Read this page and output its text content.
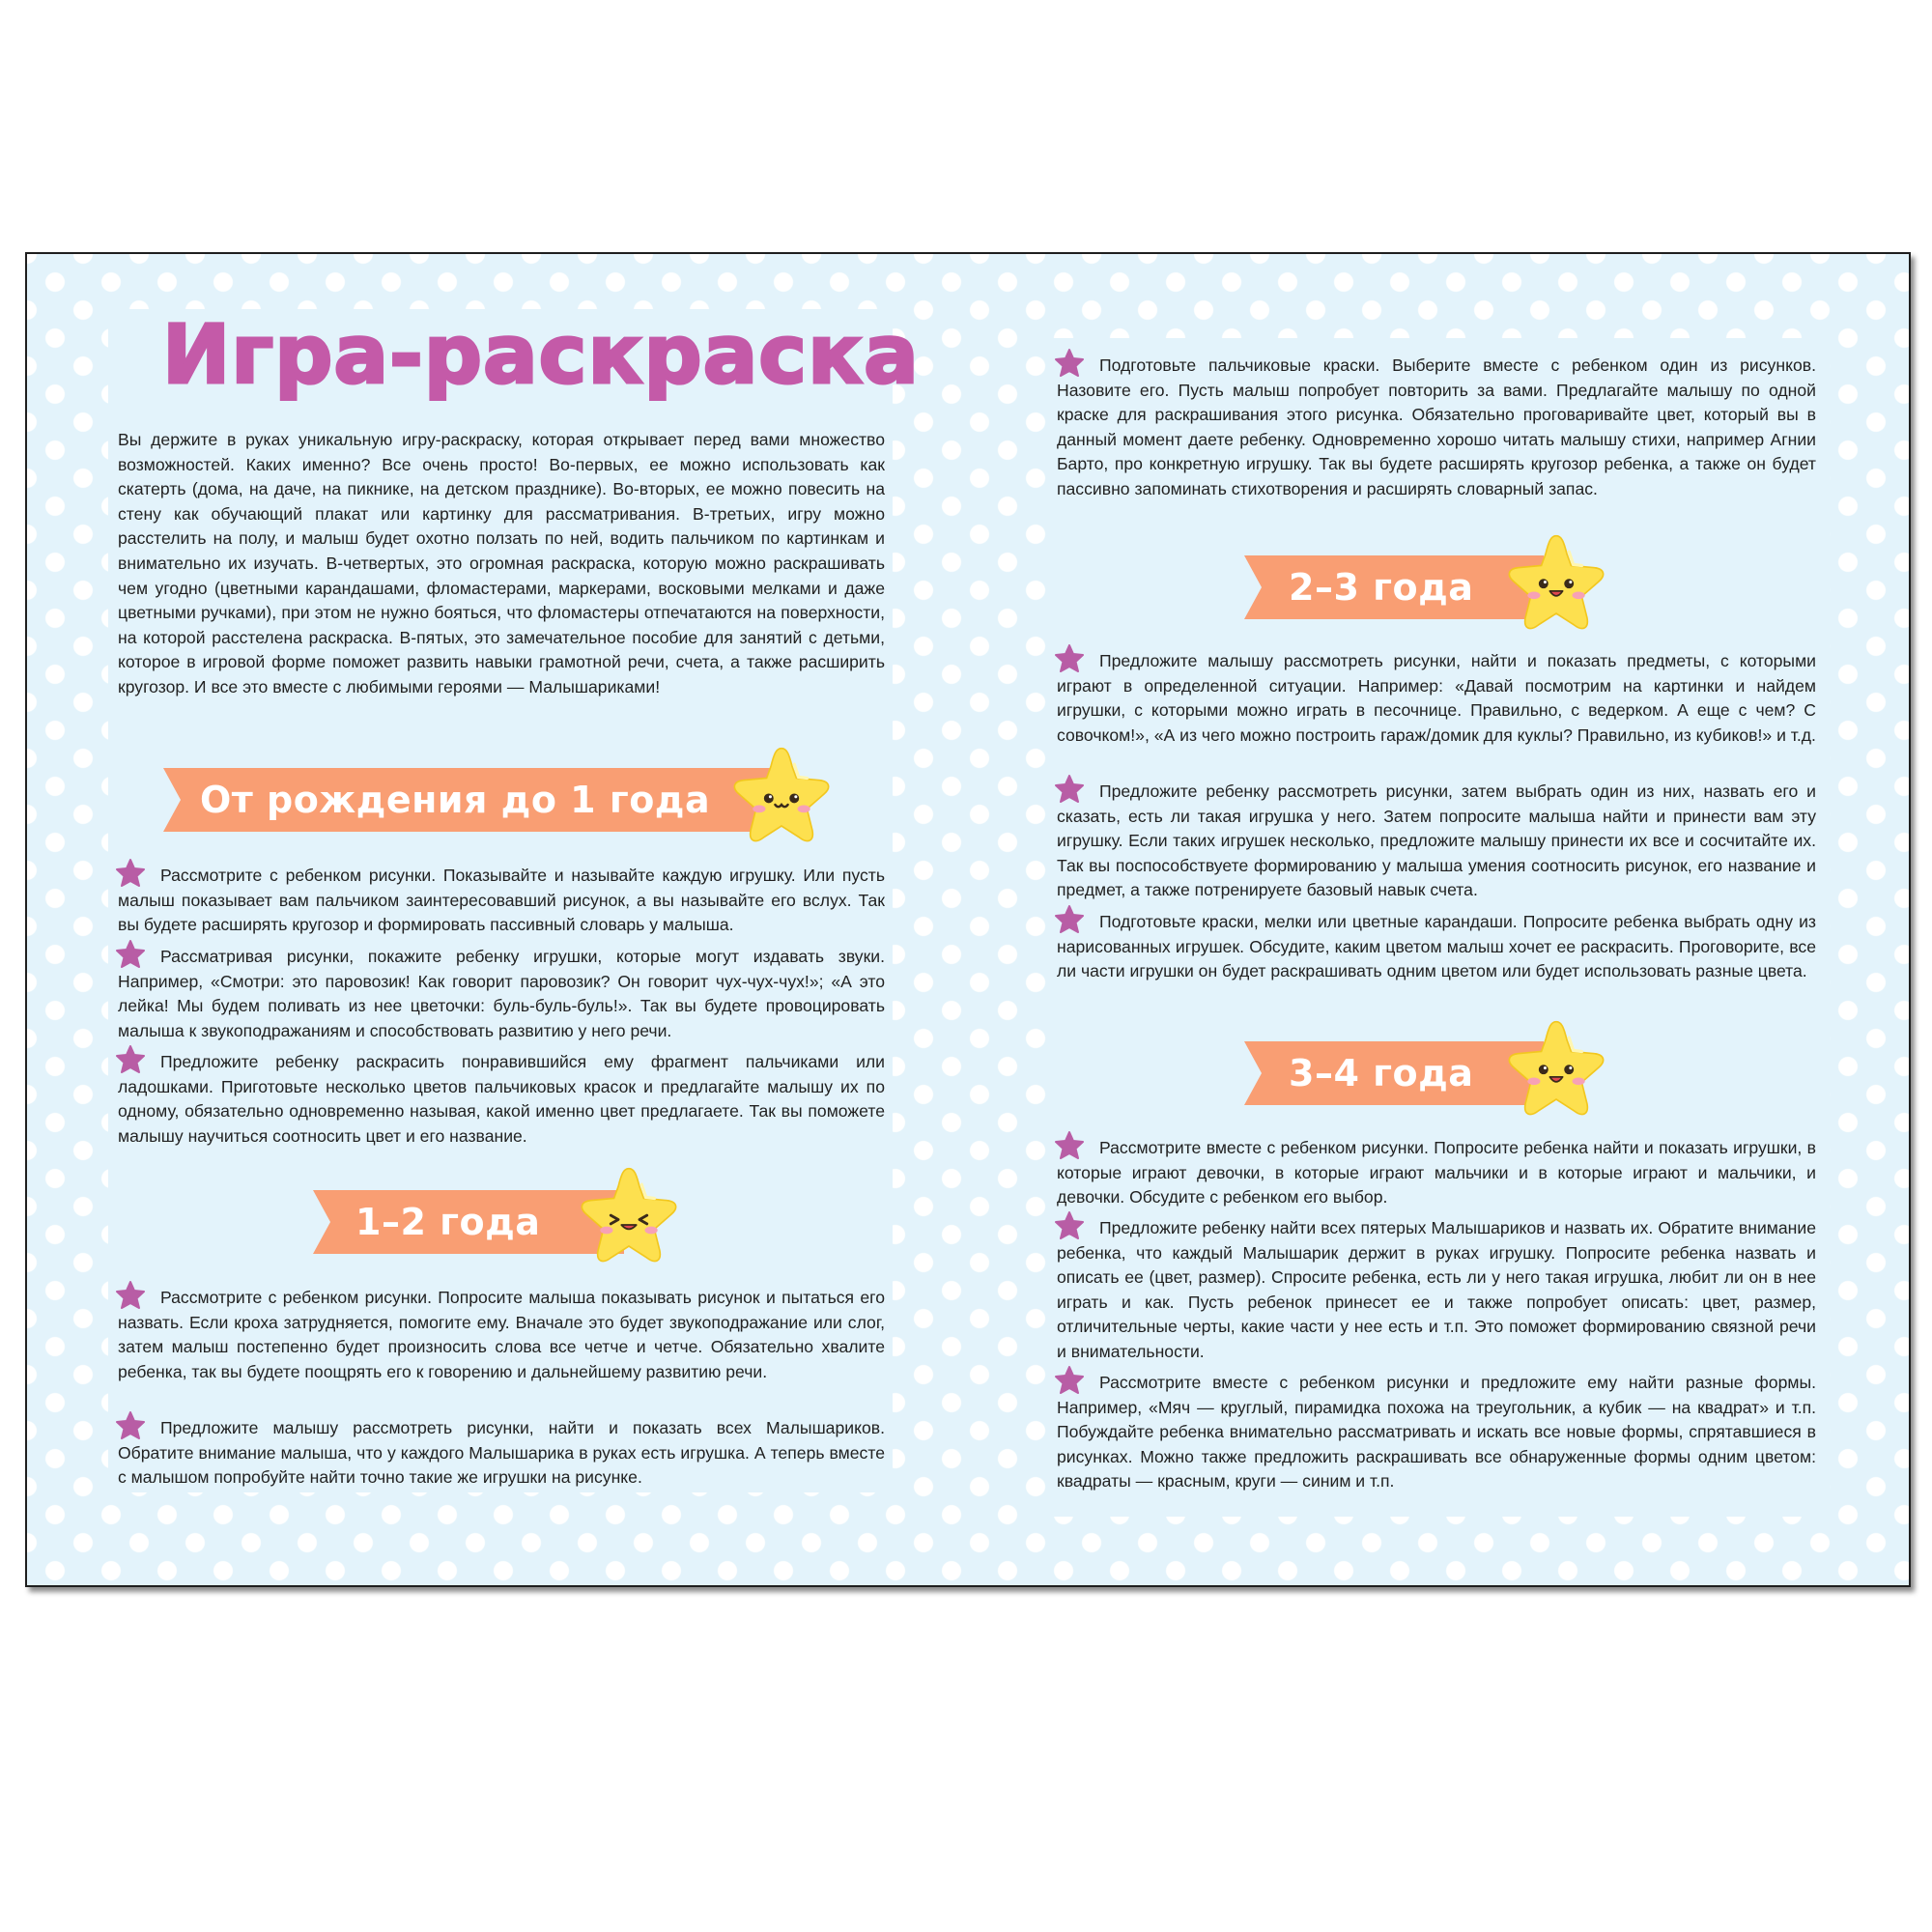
Игра-раскраска

Вы держите в руках уникальную игру-раскраску, которая открывает перед вами множество возможностей. Каких именно? Все очень просто! Во-первых, ее можно использовать как скатерть (дома, на даче, на пикнике, на детском празднике). Во-вторых, ее можно повесить на стену как обучающий плакат или картинку для рассматривания. В-третьих, игру можно расстелить на полу, и малыш будет охотно ползать по ней, водить пальчиком по картинкам и внимательно их изучать. В-четвертых, это огромная раскраска, которую можно раскрашивать чем угодно (цветными карандашами, фломастерами, маркерами, восковыми мелками и даже цветными ручками), при этом не нужно бояться, что фломастеры отпечатаются на поверхности, на которой расстелена раскраска. В-пятых, это замечательное пособие для занятий с детьми, которое в игровой форме поможет развить навыки грамотной речи, счета, а также расширить кругозор. И все это вместе с любимыми героями — Малышариками!

От рождения до 1 года

Рассмотрите с ребенком рисунки. Показывайте и называйте каждую игрушку. Или пусть малыш показывает вам пальчиком заинтересовавший рисунок, а вы называйте его вслух. Так вы будете расширять кругозор и формировать пассивный словарь у малыша.
Рассматривая рисунки, покажите ребенку игрушки, которые могут издавать звуки. Например, «Смотри: это паровозик! Как говорит паровозик? Он говорит чух-чух-чух!»; «А это лейка! Мы будем поливать из нее цветочки: буль-буль-буль!». Так вы будете провоцировать малыша к звукоподражаниям и способствовать развитию у него речи.
Предложите ребенку раскрасить понравившийся ему фрагмент пальчиками или ладошками. Приготовьте несколько цветов пальчиковых красок и предлагайте малышу их по одному, обязательно одновременно называя, какой именно цвет предлагаете. Так вы поможете малышу научиться соотносить цвет и его название.

1–2 года

Рассмотрите с ребенком рисунки. Попросите малыша показывать рисунок и пытаться его назвать. Если кроха затрудняется, помогите ему. Вначале это будет звукоподражание или слог, затем малыш постепенно будет произносить слова все четче и четче. Обязательно хвалите ребенка, так вы будете поощрять его к говорению и дальнейшему развитию речи.
Предложите малышу рассмотреть рисунки, найти и показать всех Малышариков. Обратите внимание малыша, что у каждого Малышарика в руках есть игрушка. А теперь вместе с малышом попробуйте найти точно такие же игрушки на рисунке.
Подготовьте пальчиковые краски. Выберите вместе с ребенком один из рисунков. Назовите его. Пусть малыш попробует повторить за вами. Предлагайте малышу по одной краске для раскрашивания этого рисунка. Обязательно проговаривайте цвет, который вы в данный момент даете ребенку. Одновременно хорошо читать малышу стихи, например Агнии Барто, про конкретную игрушку. Так вы будете расширять кругозор ребенка, а также он будет пассивно запоминать стихотворения и расширять словарный запас.

2–3 года

Предложите малышу рассмотреть рисунки, найти и показать предметы, с которыми играют в определенной ситуации. Например: «Давай посмотрим на картинки и найдем игрушки, с которыми можно играть в песочнице. Правильно, с ведерком. А еще с чем? С совочком!», «А из чего можно построить гараж/домик для куклы? Правильно, из кубиков!» и т.д.
Предложите ребенку рассмотреть рисунки, затем выбрать один из них, назвать его и сказать, есть ли такая игрушка у него. Затем попросите малыша найти и принести вам эту игрушку. Если таких игрушек несколько, предложите малышу принести их все и сосчитайте их. Так вы поспособствуете формированию у малыша умения соотносить рисунок, его название и предмет, а также потренируете базовый навык счета.
Подготовьте краски, мелки или цветные карандаши. Попросите ребенка выбрать одну из нарисованных игрушек. Обсудите, каким цветом малыш хочет ее раскрасить. Проговорите, все ли части игрушки он будет раскрашивать одним цветом или будет использовать разные цвета.

3–4 года

Рассмотрите вместе с ребенком рисунки. Попросите ребенка найти и показать игрушки, в которые играют девочки, в которые играют мальчики и в которые играют и мальчики, и девочки. Обсудите с ребенком его выбор.
Предложите ребенку найти всех пятерых Малышариков и назвать их. Обратите внимание ребенка, что каждый Малышарик держит в руках игрушку. Попросите ребенка назвать и описать ее (цвет, размер). Спросите ребенка, есть ли у него такая игрушка, любит ли он в нее играть и как. Пусть ребенок принесет ее и также попробует описать: цвет, размер, отличительные черты, какие части у нее есть и т.п. Это поможет формированию связной речи и внимательности.
Рассмотрите вместе с ребенком рисунки и предложите ему найти разные формы. Например, «Мяч — круглый, пирамидка похожа на треугольник, а кубик — на квадрат» и т.п. Побуждайте ребенка внимательно рассматривать и искать все новые формы, спрятавшиеся в рисунках. Можно также предложить раскрашивать все обнаруженные формы одним цветом: квадраты — красным, круги — синим и т.п.
